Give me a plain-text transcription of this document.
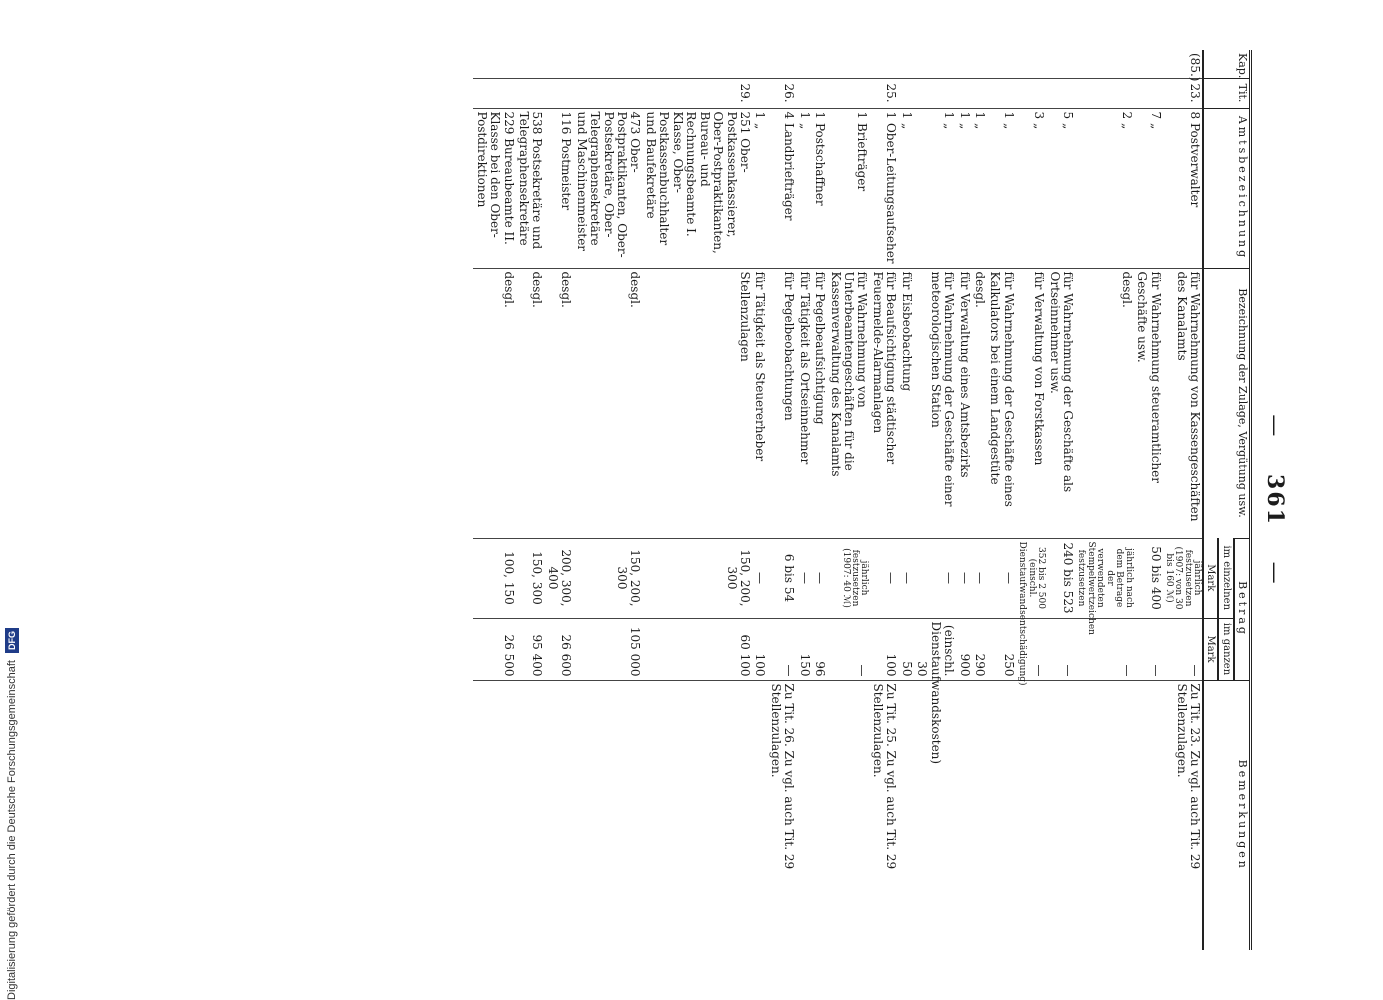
— 361 —
Kap.	Tit.	Amtsbezeichnung	Bezeichnung der Zulage, Vergütung usw.	Betrag		Bemerkungen
				im einzelnen	im ganzen	
				Mark	Mark	
(85.)	23.	8 Postverwalter	für Wahrnehmung von Kassengeschäften des Kanalamts	jährlich festzusetzen (1907: von 30 bis 160 ℳ)	—	Zu Tit. 23. Zu vgl. auch Tit. 29 Stellenzulagen.
		7 „	für Wahrnehmung steueramtlicher Geschäfte usw.	50 bis 400	—	
		2 „	desgl.	jährlich nach dem Betrage der verwendeten Stempelwertzeichen festzusetzen	—	
		5 „	für Wahrnehmung der Geschäfte als Ortseinnehmer usw.	240 bis 523	—	
		3 „	für Verwaltung von Forstkassen	352 bis 2 500 (einschl. Dienstaufwandsentschädigung)	—	
		1 „	für Wahrnehmung der Geschäfte eines Kalkulators bei einem Landgestüte	—	250	
		1 „	desgl.	—	290	
		1 „	für Verwaltung eines Amtsbezirks	—	900	
		1 „	für Wahrnehmung der Geschäfte einer meteorologischen Station	—	(einschl. Dienstaufwandskosten) 30	
		1 „	für Eisbeobachtung	—	50	
	25.	1 Ober-Leitungsaufseher	für Beaufsichtigung städtischer Feuermelde-Alarmanlagen	—	100	Zu Tit. 25. Zu vgl. auch Tit. 29 Stellenzulagen.
		1 Briefträger	für Wahrnehmung von Unterbeamtengeschäften für die Kassenverwaltung des Kanalamts	jährlich festzusetzen (1907: 40 ℳ)	—	
		1 Postschaffner	für Pegelbeaufsichtigung	—	96	
		1 „	für Tätigkeit als Ortseinnehmer	—	150	
	26.	4 Landbriefträger	für Pegelbeobachtungen	6 bis 54	—	Zu Tit. 26. Zu vgl. auch Tit. 29 Stellenzulagen.
		1 „	für Tätigkeit als Steuererheber	—	100	
	29.	251 Ober-Postkassenkassierer, Ober-Postpraktikanten, Bureau- und Rechnungsbeamte I. Klasse, Ober-Postkassenbuchhalter und Baufekretäre	Stellenzulagen	150, 200, 300	60 100	
		473 Ober-Postpraktikanten, Ober-Postsekretäre, Ober-Telegraphensekretäre und Maschinenmeister	desgl.	150, 200, 300	105 000	
		116 Postmeister	desgl.	200, 300, 400	26 600	
		538 Postsekretäre und Telegraphensekretäre	desgl.	150, 300	95 400	
		229 Bureaubeamte II. Klasse bei den Ober-Postdirektionen	desgl.	100, 150	26 500	
Digitalisierung gefördert durch die Deutsche Forschungsgemeinschaft DFG
